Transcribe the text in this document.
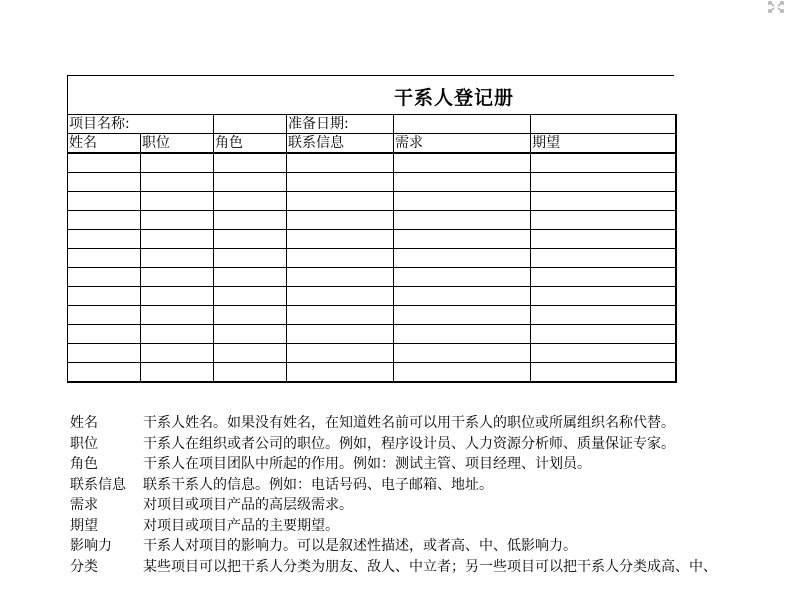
干系人登记册
项目名称:			准备日期:		
姓名	职位	角色	联系信息	需求	期望

姓名	干系人姓名。如果没有姓名，在知道姓名前可以用干系人的职位或所属组织名称代替。
职位	干系人在组织或者公司的职位。例如，程序设计员、人力资源分析师、质量保证专家。
角色	干系人在项目团队中所起的作用。例如：测试主管、项目经理、计划员。
联系信息 联系干系人的信息。例如：电话号码、电子邮箱、地址。
需求	对项目或项目产品的高层级需求。
期望	对项目或项目产品的主要期望。
影响力 干系人对项目的影响力。可以是叙述性描述，或者高、中、低影响力。
分类	某些项目可以把干系人分类为朋友、敌人、中立者；另一些项目可以把干系人分类成高、中、
